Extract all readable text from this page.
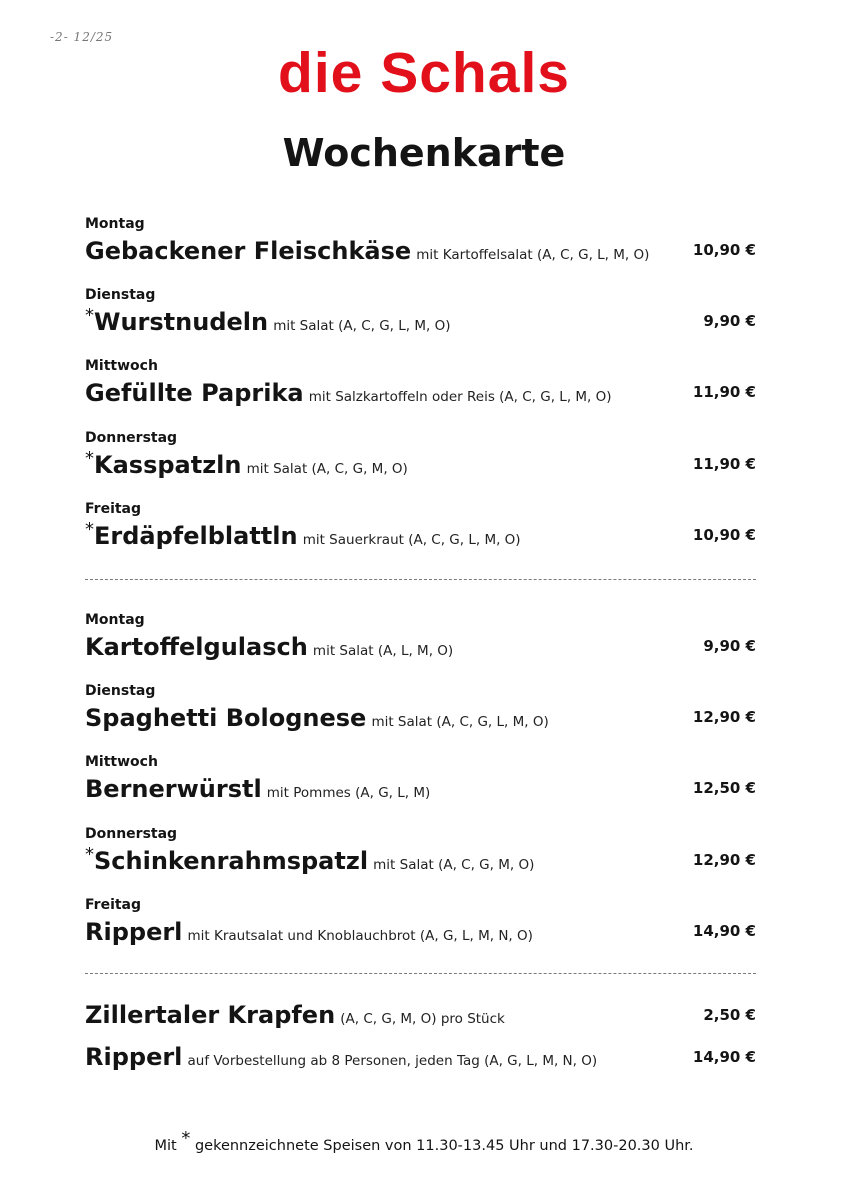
-2- 12/25
die Schals
Wochenkarte
Montag
Gebackener Fleischkäse mit Kartoffelsalat (A, C, G, L, M, O)	10,90 €
Dienstag
*Wurstnudeln mit Salat (A, C, G, L, M, O)	9,90 €
Mittwoch
Gefüllte Paprika mit Salzkartoffeln oder Reis (A, C, G, L, M, O)	11,90 €
Donnerstag
*Kasspatzln mit Salat (A, C, G, M, O)	11,90 €
Freitag
*Erdäpfelblattln mit Sauerkraut (A, C, G, L, M, O)	10,90 €
Montag
Kartoffelgulasch mit Salat (A, L, M, O)	9,90 €
Dienstag
Spaghetti Bolognese mit Salat (A, C, G, L, M, O)	12,90 €
Mittwoch
Bernerwürstl mit Pommes (A, G, L, M)	12,50 €
Donnerstag
*Schinkenrahmspatzl mit Salat (A, C, G, M, O)	12,90 €
Freitag
Ripperl mit Krautsalat und Knoblauchbrot (A, G, L, M, N, O)	14,90 €
Zillertaler Krapfen (A, C, G, M, O) pro Stück	2,50 €
Ripperl auf Vorbestellung ab 8 Personen, jeden Tag (A, G, L, M, N, O)	14,90 €
Mit * gekennzeichnete Speisen von 11.30-13.45 Uhr und 17.30-20.30 Uhr.
